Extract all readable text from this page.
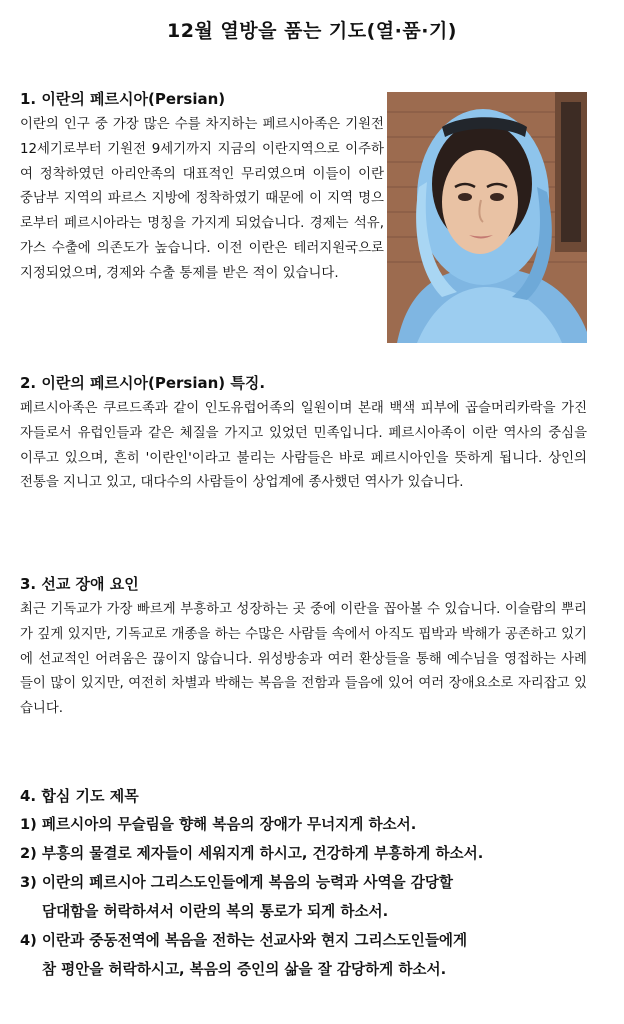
12월 열방을 품는 기도(열·품·기)
1. 이란의 페르시아(Persian)

이란의 인구 중 가장 많은 수를 차지하는 페르시아족은 기원전 12세기로부터 기원전 9세기까지 지금의 이란지역으로 이주하여 정착하였던 아리안족의 대표적인 무리였으며 이들이 이란 중남부 지역의 파르스 지방에 정착하였기 때문에 이 지역 명으로부터 페르시아라는 명칭을 가지게 되었습니다. 경제는 석유, 가스 수출에 의존도가 높습니다. 이전 이란은 테러지원국으로 지정되었으며, 경제와 수출 통제를 받은 적이 있습니다.

2. 이란의 페르시아(Persian) 특징.

페르시아족은 쿠르드족과 같이 인도유럽어족의 일원이며 본래 백색 피부에 곱슬머리카락을 가진 자들로서 유럽인들과 같은 체질을 가지고 있었던 민족입니다. 페르시아족이 이란 역사의 중심을 이루고 있으며, 흔히 '이란인'이라고 불리는 사람들은 바로 페르시아인을 뜻하게 됩니다. 상인의 전통을 지니고 있고, 대다수의 사람들이 상업계에 종사했던 역사가 있습니다.

3. 선교 장애 요인

최근 기독교가 가장 빠르게 부흥하고 성장하는 곳 중에 이란을 꼽아볼 수 있습니다. 이슬람의 뿌리가 깊게 있지만, 기독교로 개종을 하는 수많은 사람들 속에서 아직도 핍박과 박해가 공존하고 있기에 선교적인 어려움은 끊이지 않습니다. 위성방송과 여러 환상들을 통해 예수님을 영접하는 사례들이 많이 있지만, 여전히 차별과 박해는 복음을 전함과 들음에 있어 여러 장애요소로 자리잡고 있습니다.

4. 합심 기도 제목
1) 페르시아의 무슬림을 향해 복음의 장애가 무너지게 하소서.
2) 부흥의 물결로 제자들이 세워지게 하시고, 건강하게 부흥하게 하소서.
3) 이란의 페르시아 그리스도인들에게 복음의 능력과 사역을 감당할
담대함을 허락하셔서 이란의 복의 통로가 되게 하소서.
4) 이란과 중동전역에 복음을 전하는 선교사와 현지 그리스도인들에게
참 평안을 허락하시고, 복음의 증인의 삶을 잘 감당하게 하소서.
